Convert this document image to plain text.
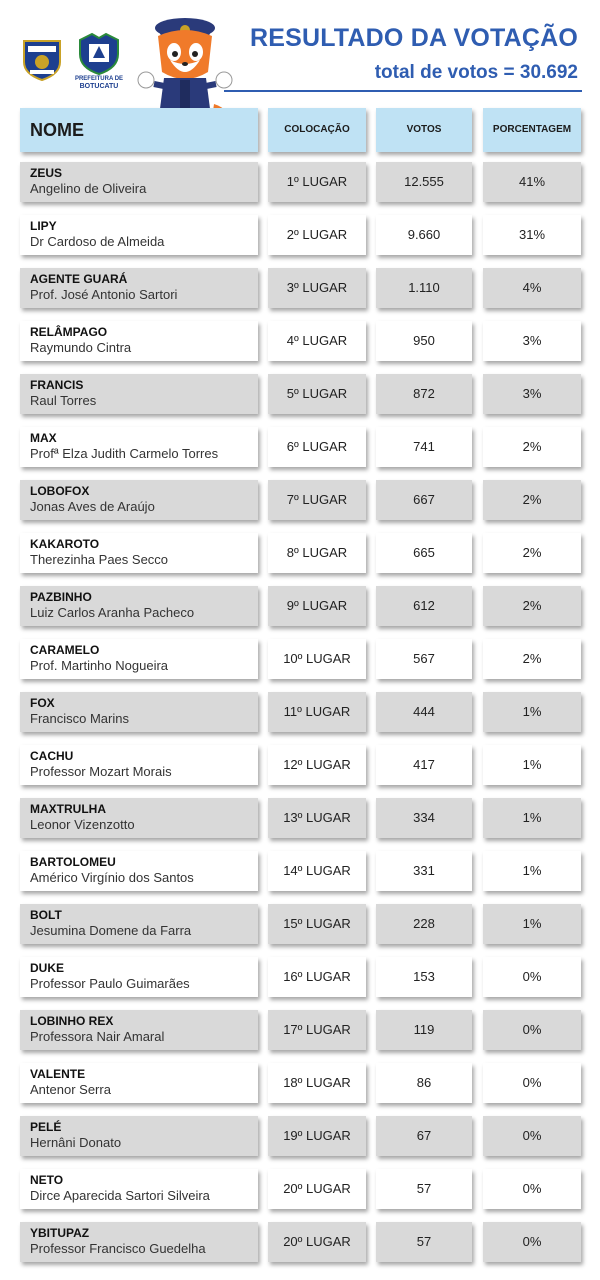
PREFEITURA DE
BOTUCATU
RESULTADO DA VOTAÇÃO
total de votos = 30.692
NOME	COLOCAÇÃO	VOTOS	PORCENTAGEM
ZEUS
Angelino de Oliveira	1º LUGAR	12.555	41%
LIPY
Dr Cardoso de Almeida	2º LUGAR	9.660	31%
AGENTE GUARÁ
Prof. José Antonio Sartori	3º LUGAR	1.110	4%
RELÂMPAGO
Raymundo Cintra	4º LUGAR	950	3%
FRANCIS
Raul Torres	5º LUGAR	872	3%
MAX
Profª Elza Judith Carmelo Torres	6º LUGAR	741	2%
LOBOFOX
Jonas Aves de Araújo	7º LUGAR	667	2%
KAKAROTO
Therezinha Paes Secco	8º LUGAR	665	2%
PAZBINHO
Luiz Carlos Aranha Pacheco	9º LUGAR	612	2%
CARAMELO
Prof. Martinho Nogueira	10º LUGAR	567	2%
FOX
Francisco Marins	11º LUGAR	444	1%
CACHU
Professor Mozart Morais	12º LUGAR	417	1%
MAXTRULHA
Leonor Vizenzotto	13º LUGAR	334	1%
BARTOLOMEU
Américo Virgínio dos Santos	14º LUGAR	331	1%
BOLT
Jesumina Domene da Farra	15º LUGAR	228	1%
DUKE
Professor Paulo Guimarães	16º LUGAR	153	0%
LOBINHO REX
Professora Nair Amaral	17º LUGAR	119	0%
VALENTE
Antenor Serra	18º LUGAR	86	0%
PELÉ
Hernâni Donato	19º LUGAR	67	0%
NETO
Dirce Aparecida Sartori Silveira	20º LUGAR	57	0%
YBITUPAZ
Professor Francisco Guedelha	20º LUGAR	57	0%
